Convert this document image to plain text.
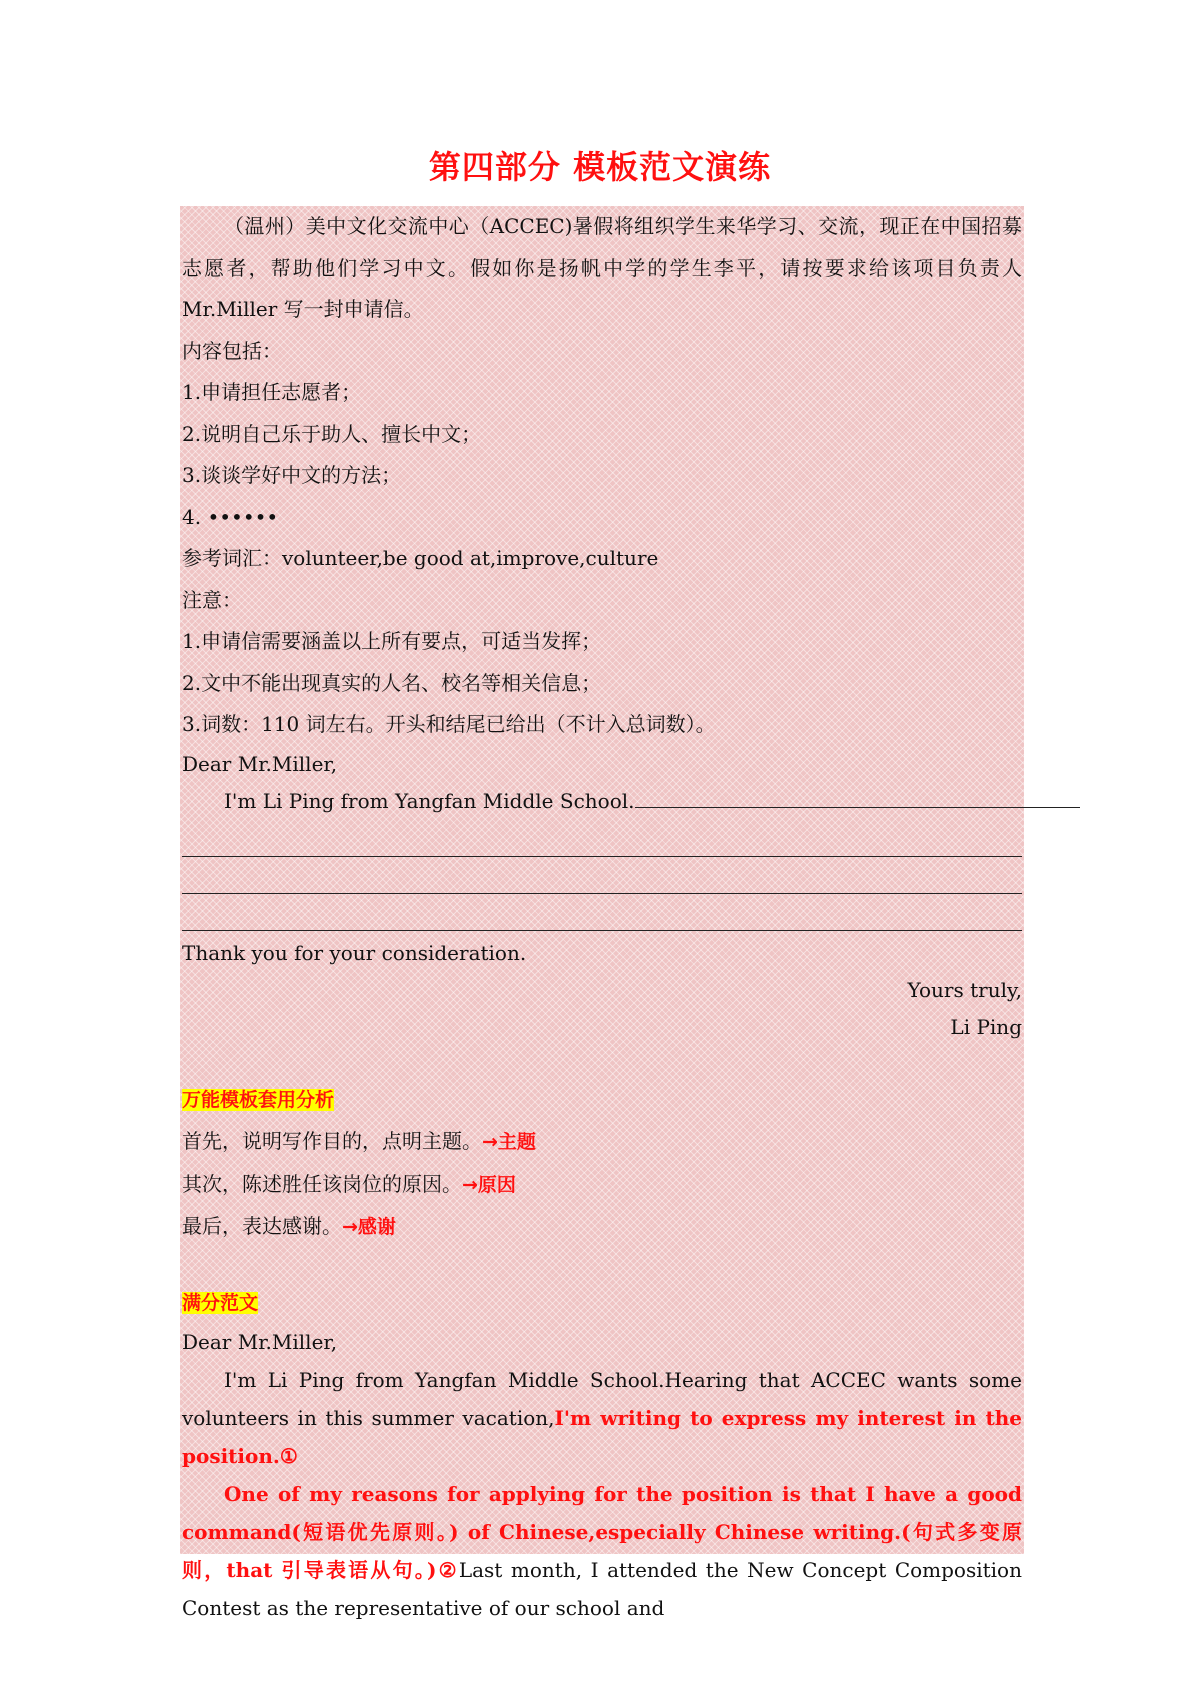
第四部分 模板范文演练

（温州）美中文化交流中心（ACCEC)暑假将组织学生来华学习、交流，现正在中国招募志愿者，帮助他们学习中文。假如你是扬帆中学的学生李平，请按要求给该项目负责人Mr.Miller 写一封申请信。

内容包括：

1.申请担任志愿者；

2.说明自己乐于助人、擅长中文；

3.谈谈学好中文的方法；

4. ••••••

参考词汇：volunteer,be good at,improve,culture

注意：

1.申请信需要涵盖以上所有要点，可适当发挥；

2.文中不能出现真实的人名、校名等相关信息；

3.词数：110 词左右。开头和结尾已给出（不计入总词数）。

Dear Mr.Miller,

I'm Li Ping from Yangfan Middle School.

Thank you for your consideration.

Yours truly,

Li Ping

万能模板套用分析

首先，说明写作目的，点明主题。→主题

其次，陈述胜任该岗位的原因。→原因

最后，表达感谢。→感谢

满分范文

Dear Mr.Miller,

I'm Li Ping from Yangfan Middle School.Hearing that ACCEC wants some volunteers in this summer vacation,I'm writing to express my interest in the position.①

One of my reasons for applying for the position is that I have a good command(短语优先原则。) of Chinese,especially Chinese writing.(句式多变原则，that 引导表语从句。)②Last month, I attended the New Concept Composition Contest as the representative of our school and
